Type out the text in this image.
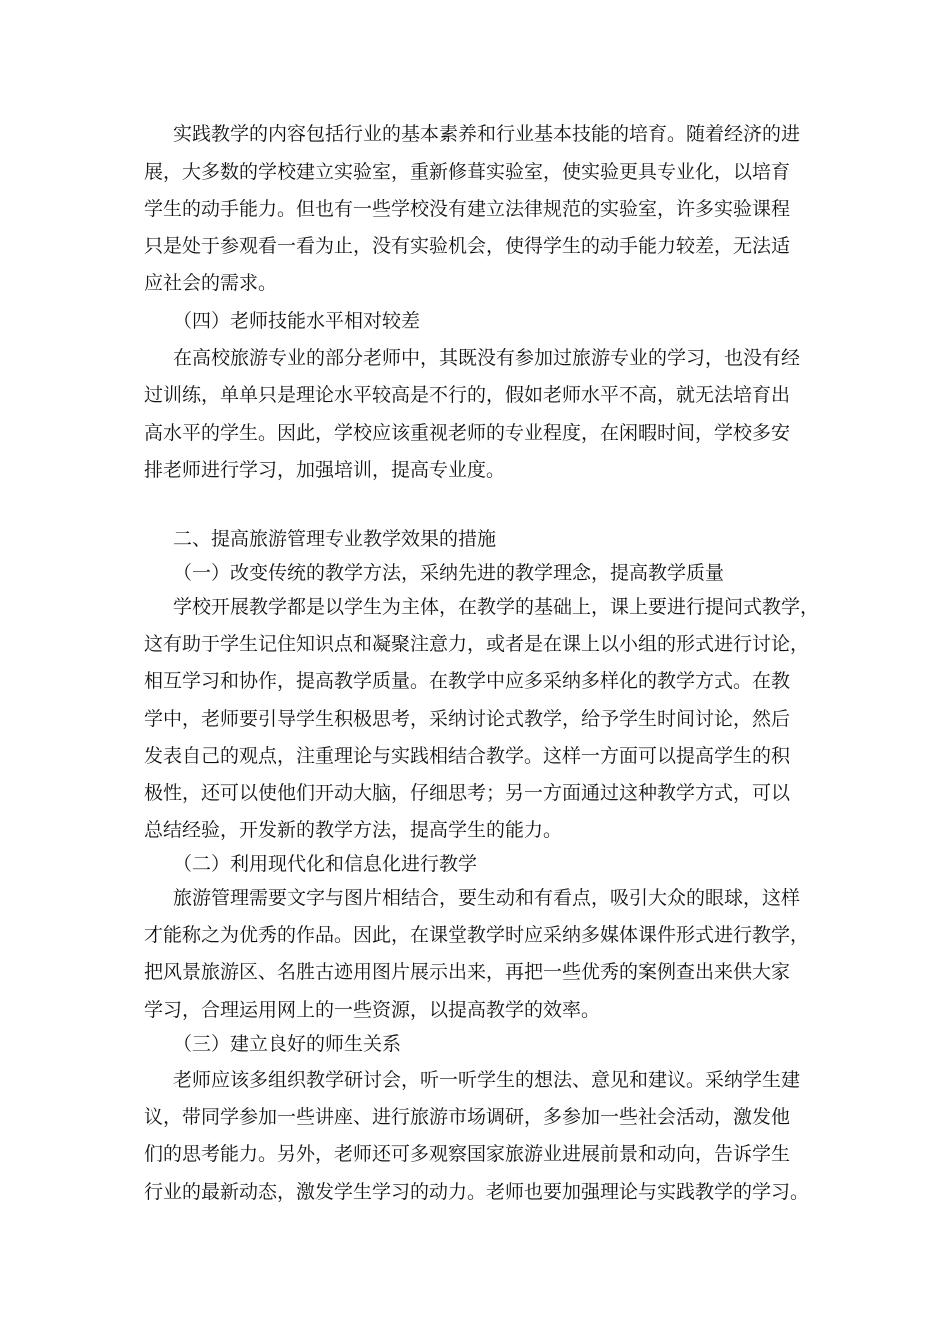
实践教学的内容包括行业的基本素养和行业基本技能的培育。随着经济的进

展，大多数的学校建立实验室，重新修葺实验室，使实验更具专业化，以培育

学生的动手能力。但也有一些学校没有建立法律规范的实验室，许多实验课程

只是处于参观看一看为止，没有实验机会，使得学生的动手能力较差，无法适

应社会的需求。

（四）老师技能水平相对较差

在高校旅游专业的部分老师中，其既没有参加过旅游专业的学习，也没有经

过训练，单单只是理论水平较高是不行的，假如老师水平不高，就无法培育出

高水平的学生。因此，学校应该重视老师的专业程度，在闲暇时间，学校多安

排老师进行学习，加强培训，提高专业度。

二、提高旅游管理专业教学效果的措施

（一）改变传统的教学方法，采纳先进的教学理念，提高教学质量

学校开展教学都是以学生为主体，在教学的基础上，课上要进行提问式教学，

这有助于学生记住知识点和凝聚注意力，或者是在课上以小组的形式进行讨论，

相互学习和协作，提高教学质量。在教学中应多采纳多样化的教学方式。在教

学中，老师要引导学生积极思考，采纳讨论式教学，给予学生时间讨论，然后

发表自己的观点，注重理论与实践相结合教学。这样一方面可以提高学生的积

极性，还可以使他们开动大脑，仔细思考；另一方面通过这种教学方式，可以

总结经验，开发新的教学方法，提高学生的能力。

（二）利用现代化和信息化进行教学

旅游管理需要文字与图片相结合，要生动和有看点，吸引大众的眼球，这样

才能称之为优秀的作品。因此，在课堂教学时应采纳多媒体课件形式进行教学，

把风景旅游区、名胜古迹用图片展示出来，再把一些优秀的案例查出来供大家

学习，合理运用网上的一些资源，以提高教学的效率。

（三）建立良好的师生关系

老师应该多组织教学研讨会，听一听学生的想法、意见和建议。采纳学生建

议，带同学参加一些讲座、进行旅游市场调研，多参加一些社会活动，激发他

们的思考能力。另外，老师还可多观察国家旅游业进展前景和动向，告诉学生

行业的最新动态，激发学生学习的动力。老师也要加强理论与实践教学的学习。
